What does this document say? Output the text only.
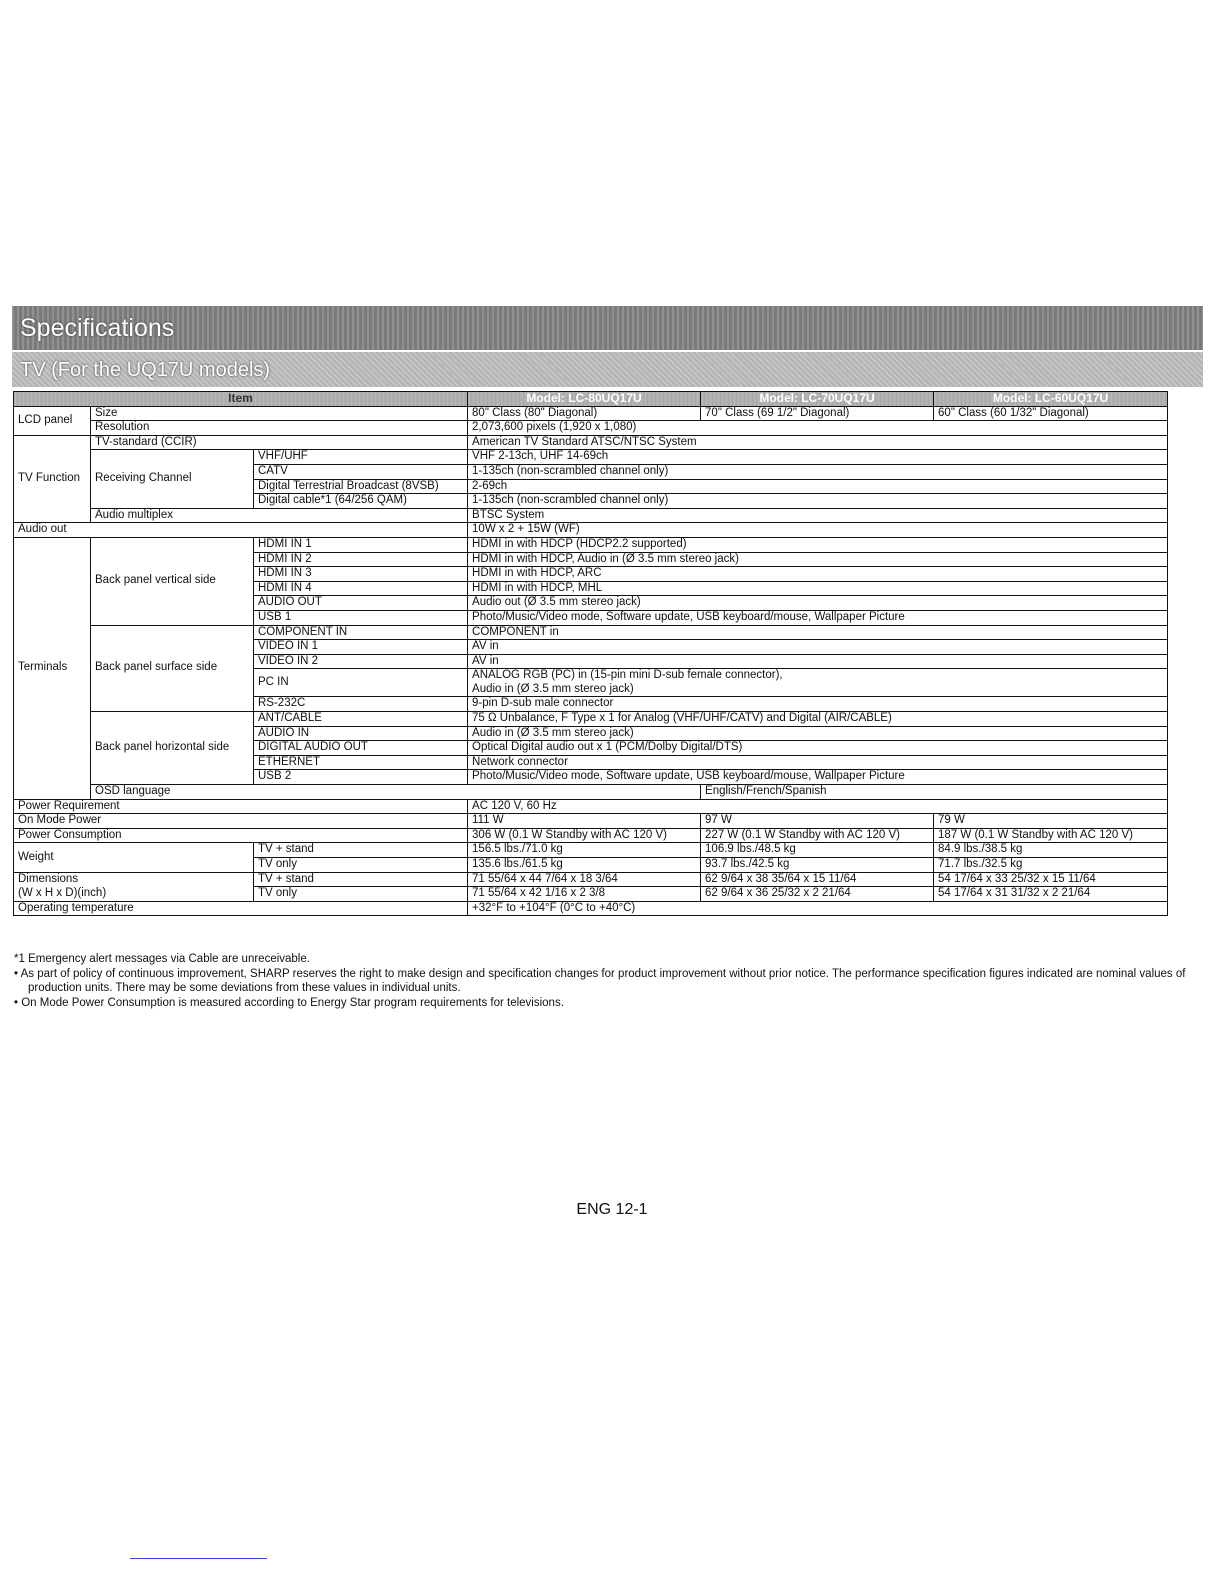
Specifications
TV (For the UQ17U models)
Item			Model: LC-80UQ17U	Model: LC-70UQ17U	Model: LC-60UQ17U
LCD panel	Size		80" Class (80" Diagonal)	70" Class (69 1/2" Diagonal)	60" Class (60 1/32" Diagonal)
	Resolution		2,073,600 pixels (1,920 x 1,080)		
TV Function	TV-standard (CCIR)		American TV Standard ATSC/NTSC System		
	Receiving Channel	VHF/UHF	VHF 2-13ch, UHF 14-69ch		
		CATV	1-135ch (non-scrambled channel only)		
		Digital Terrestrial Broadcast (8VSB)	2-69ch		
		Digital cable*1 (64/256 QAM)	1-135ch (non-scrambled channel only)		
	Audio multiplex		BTSC System		
Audio out			10W x 2 + 15W (WF)		
Terminals	Back panel vertical side	HDMI IN 1	HDMI in with HDCP (HDCP2.2 supported)		
		HDMI IN 2	HDMI in with HDCP, Audio in (Ø 3.5 mm stereo jack)		
		HDMI IN 3	HDMI in with HDCP, ARC		
		HDMI IN 4	HDMI in with HDCP, MHL		
		AUDIO OUT	Audio out (Ø 3.5 mm stereo jack)		
		USB 1	Photo/Music/Video mode, Software update, USB keyboard/mouse, Wallpaper Picture		
	Back panel surface side	COMPONENT IN	COMPONENT in		
		VIDEO IN 1	AV in		
		VIDEO IN 2	AV in		
		PC IN	ANALOG RGB (PC) in (15-pin mini D-sub female connector),		
			Audio in (Ø 3.5 mm stereo jack)		
		RS-232C	9-pin D-sub male connector		
	Back panel horizontal side	ANT/CABLE	75 Ω Unbalance, F Type x 1 for Analog (VHF/UHF/CATV) and Digital (AIR/CABLE)		
		AUDIO IN	Audio in (Ø 3.5 mm stereo jack)		
		DIGITAL AUDIO OUT	Optical Digital audio out x 1 (PCM/Dolby Digital/DTS)		
		ETHERNET	Network connector		
		USB 2	Photo/Music/Video mode, Software update, USB keyboard/mouse, Wallpaper Picture		
	OSD language			English/French/Spanish	
Power Requirement			AC 120 V, 60 Hz		
On Mode Power			111 W	97 W	79 W
Power Consumption			306 W (0.1 W Standby with AC 120 V)	227 W (0.1 W Standby with AC 120 V)	187 W (0.1 W Standby with AC 120 V)
Weight		TV + stand	156.5 lbs./71.0 kg	106.9 lbs./48.5 kg	84.9 lbs./38.5 kg
		TV only	135.6 lbs./61.5 kg	93.7 lbs./42.5 kg	71.7 lbs./32.5 kg
Dimensions		TV + stand	71 55/64 x 44 7/64 x 18 3/64	62 9/64 x 38 35/64 x 15 11/64	54 17/64 x 33 25/32 x 15 11/64
(W x H x D)(inch)		TV only	71 55/64 x 42 1/16 x 2 3/8	62 9/64 x 36 25/32 x 2 21/64	54 17/64 x 31 31/32 x 2 21/64
Operating temperature			+32°F to +104°F (0°C to +40°C)		

*1 Emergency alert messages via Cable are unreceivable.

• As part of policy of continuous improvement, SHARP reserves the right to make design and specification changes for product improvement without prior notice. The performance specification figures indicated are nominal values of production units. There may be some deviations from these values in individual units.

• On Mode Power Consumption is measured according to Energy Star program requirements for televisions.

ENG 12-1
